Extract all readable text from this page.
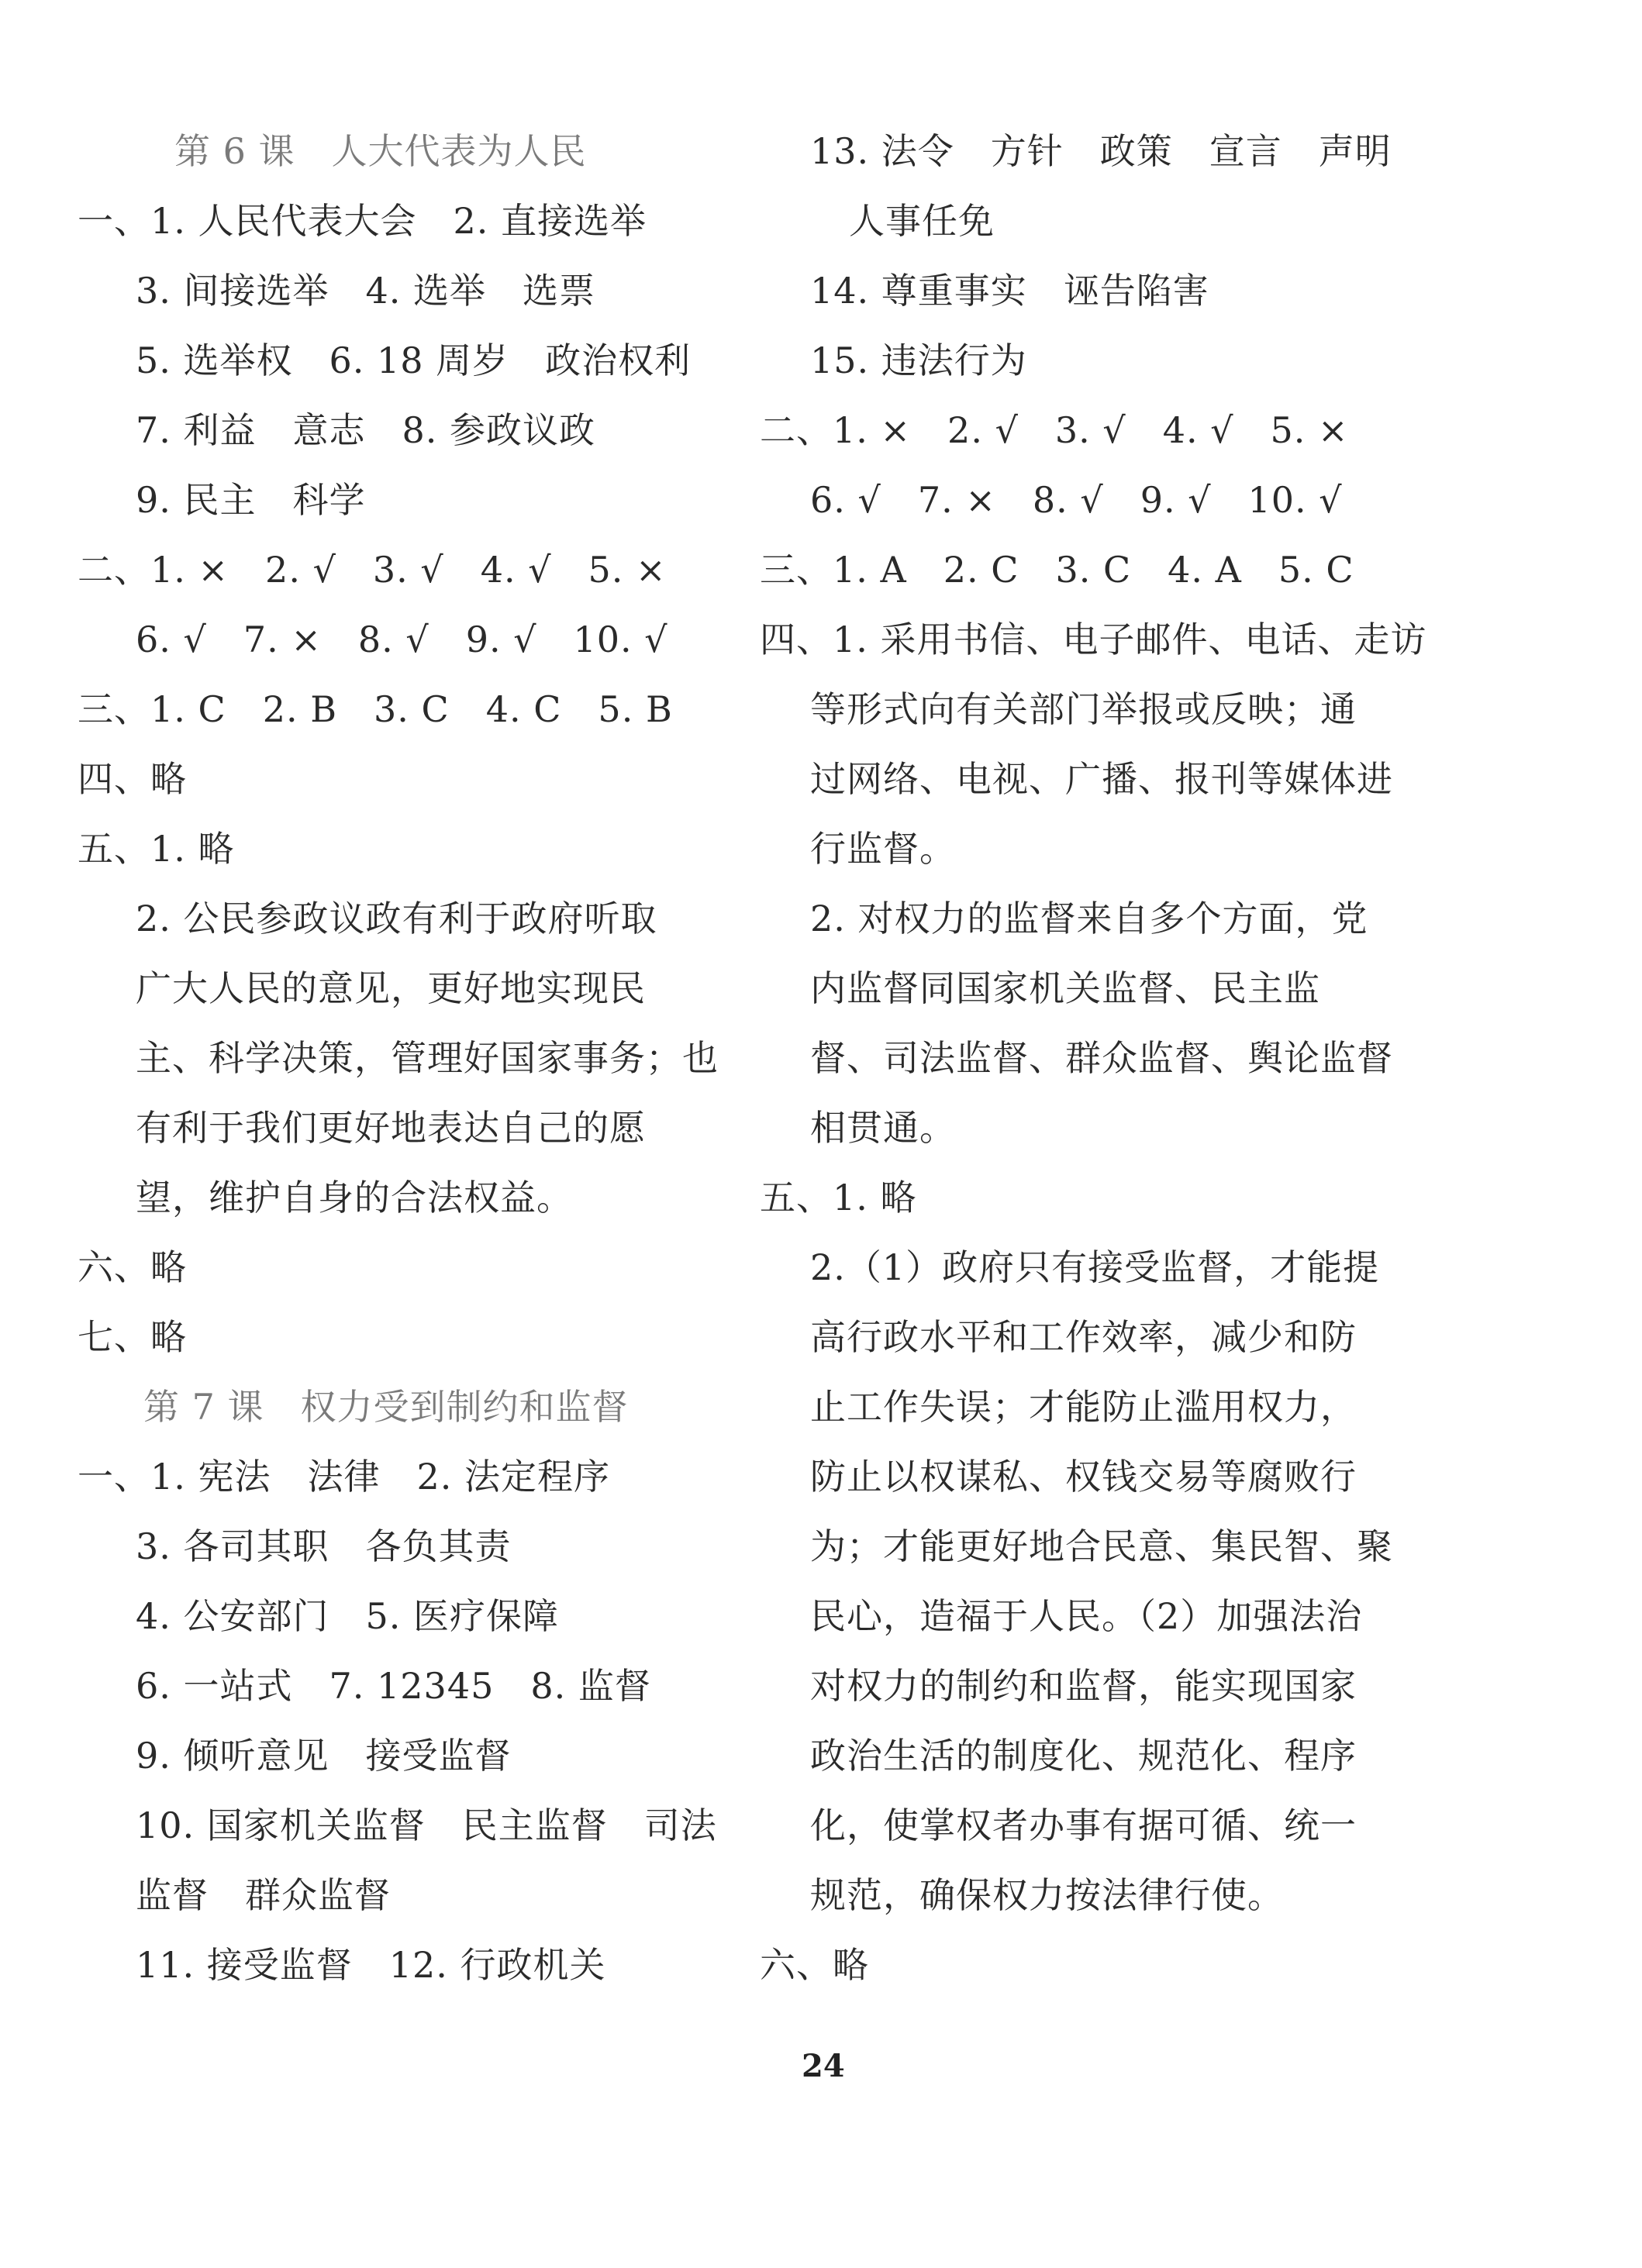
第 6 课　人大代表为人民
一、1. 人民代表大会　2. 直接选举
3. 间接选举　4. 选举　选票
5. 选举权　6. 18 周岁　政治权利
7. 利益　意志　8. 参政议政
9. 民主　科学
二、1. ×　2. √　3. √　4. √　5. ×
6. √　7. ×　8. √　9. √　10. √
三、1. C　2. B　3. C　4. C　5. B
四、略
五、1. 略
2. 公民参政议政有利于政府听取
广大人民的意见，更好地实现民
主、科学决策，管理好国家事务；也
有利于我们更好地表达自己的愿
望，维护自身的合法权益。
六、略
七、略
第 7 课　权力受到制约和监督
一、1. 宪法　法律　2. 法定程序
3. 各司其职　各负其责
4. 公安部门　5. 医疗保障
6. 一站式　7. 12345　8. 监督
9. 倾听意见　接受监督
10. 国家机关监督　民主监督　司法
监督　群众监督
11. 接受监督　12. 行政机关
13. 法令　方针　政策　宣言　声明
人事任免
14. 尊重事实　诬告陷害
15. 违法行为
二、1. ×　2. √　3. √　4. √　5. ×
6. √　7. ×　8. √　9. √　10. √
三、1. A　2. C　3. C　4. A　5. C
四、1. 采用书信、电子邮件、电话、走访
等形式向有关部门举报或反映；通
过网络、电视、广播、报刊等媒体进
行监督。
2. 对权力的监督来自多个方面，党
内监督同国家机关监督、民主监
督、司法监督、群众监督、舆论监督
相贯通。
五、1. 略
2.（1）政府只有接受监督，才能提
高行政水平和工作效率，减少和防
止工作失误；才能防止滥用权力，
防止以权谋私、权钱交易等腐败行
为；才能更好地合民意、集民智、聚
民心，造福于人民。（2）加强法治
对权力的制约和监督，能实现国家
政治生活的制度化、规范化、程序
化，使掌权者办事有据可循、统一
规范，确保权力按法律行使。
六、略
24
